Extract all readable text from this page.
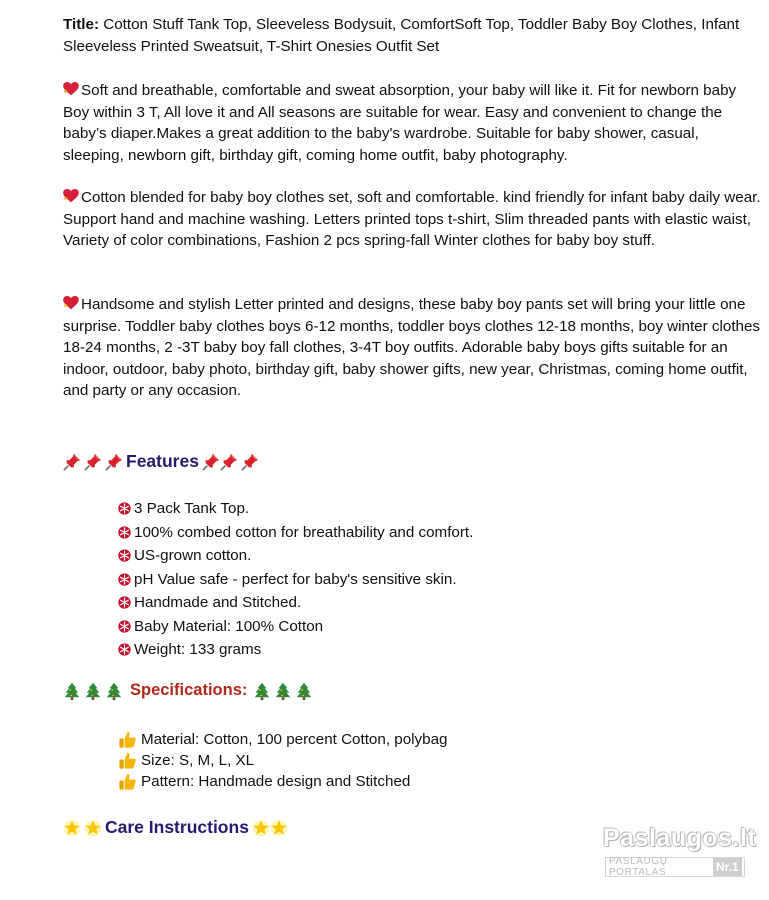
Title: Cotton Stuff Tank Top, Sleeveless Bodysuit, ComfortSoft Top, Toddler Baby Boy Clothes, Infant Sleeveless Printed Sweatsuit, T-Shirt Onesies Outfit Set
Soft and breathable, comfortable and sweat absorption, your baby will like it. Fit for newborn baby Boy within 3 T, All love it and All seasons are suitable for wear. Easy and convenient to change the baby’s diaper.Makes a great addition to the baby's wardrobe. Suitable for baby shower, casual, sleeping, newborn gift, birthday gift, coming home outfit, baby photography.
Cotton blended for baby boy clothes set, soft and comfortable. kind friendly for infant baby daily wear. Support hand and machine washing. Letters printed tops t-shirt, Slim threaded pants with elastic waist, Variety of color combinations, Fashion 2 pcs spring-fall Winter clothes for baby boy stuff.
Handsome and stylish Letter printed and designs, these baby boy pants set will bring your little one surprise. Toddler baby clothes boys 6-12 months, toddler boys clothes 12-18 months, boy winter clothes 18-24 months, 2 -3T baby boy fall clothes, 3-4T boy outfits. Adorable baby boys gifts suitable for an indoor, outdoor, baby photo, birthday gift, baby shower gifts, new year, Christmas, coming home outfit, and party or any occasion.
Features
3 Pack Tank Top.
100% combed cotton for breathability and comfort.
US-grown cotton.
pH Value safe - perfect for baby's sensitive skin.
Handmade and Stitched.
Baby Material: 100% Cotton
Weight: 133 grams
Specifications:
Material: Cotton, 100 percent Cotton, polybag
Size: S, M, L, XL
Pattern: Handmade design and Stitched
Care Instructions	Paslaugos.lt
PASLAUGŲ PORTALAS	Nr.1
